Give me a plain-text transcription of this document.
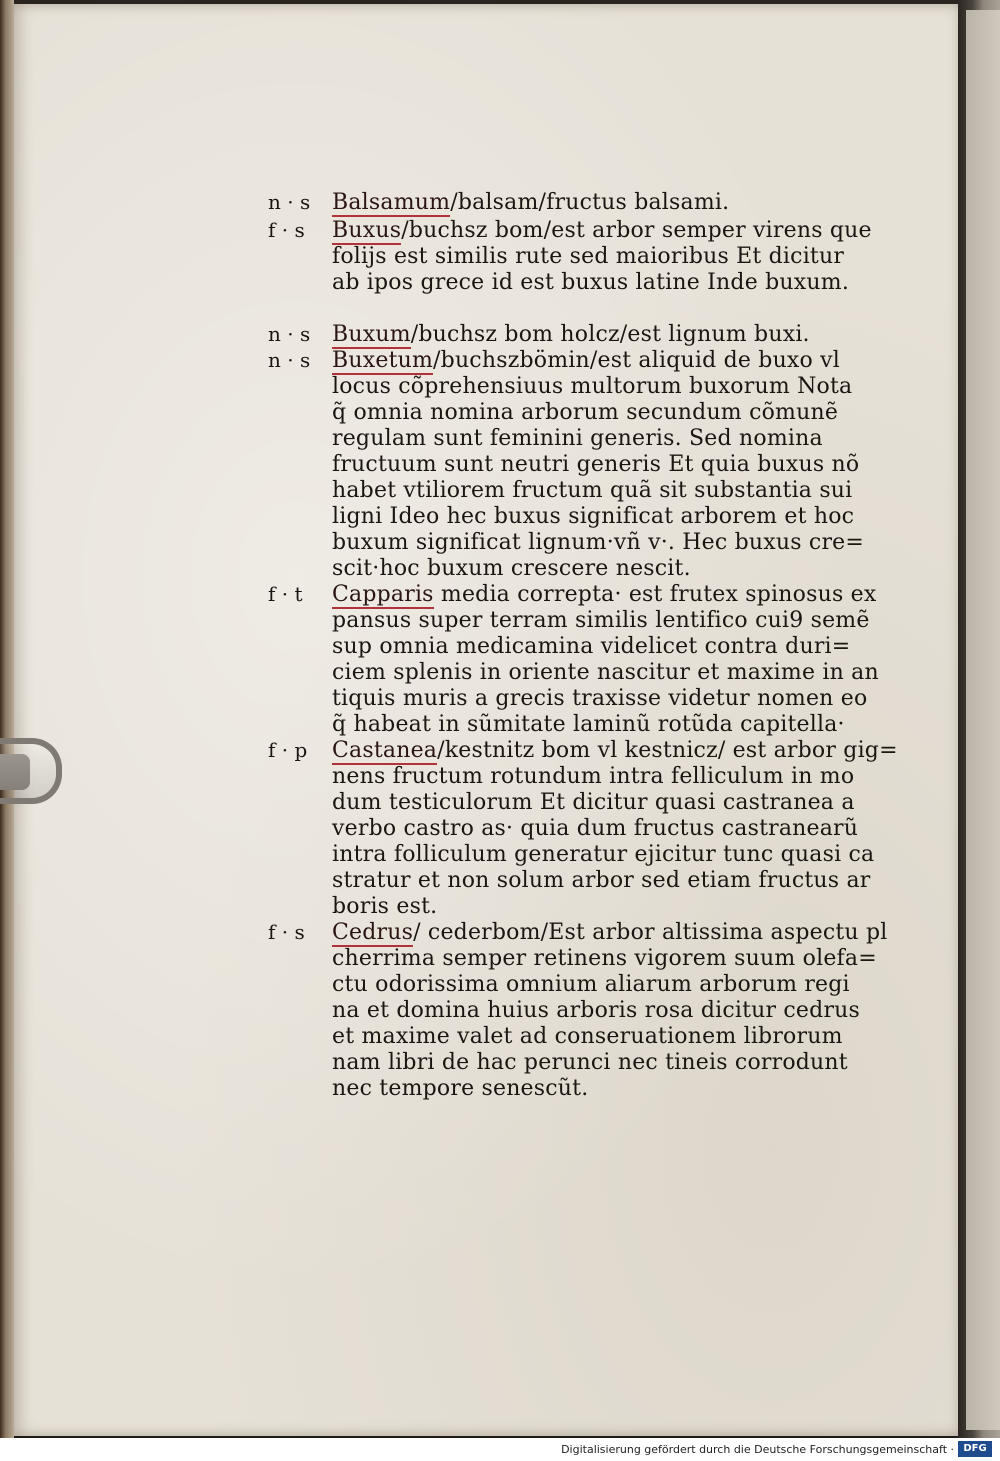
n · s Balsamum/balsam/fructus balsami.
f · s Buxus/buchsz bom/est arbor semper virens que
folijs est similis rute sed maioribus Et dicitur
ab ipos grece id est buxus latine Inde buxum.
n · s Buxum/buchsz bom holcz/est lignum buxi.
n · s Buxetum/buchszbömin/est aliquid de buxo vl
locus cõprehensiuus multorum buxorum Nota
q̃ omnia nomina arborum secundum cõmunẽ
regulam sunt feminini generis. Sed nomina
fructuum sunt neutri generis Et quia buxus nõ
habet vtiliorem fructum quã sit substantia sui
ligni Ideo hec buxus significat arborem et hoc
buxum significat lignum·vñ v·. Hec buxus cre=
scit·hoc buxum crescere nescit.
f · t Capparis media correpta· est frutex spinosus ex
pansus super terram similis lentifico cui9 semẽ
sup omnia medicamina videlicet contra duri=
ciem splenis in oriente nascitur et maxime in an
tiquis muris a grecis traxisse videtur nomen eo
q̃ habeat in sũmitate laminũ rotũda capitella·
f · p Castanea/kestnitz bom vl kestnicz/ est arbor gig=
nens fructum rotundum intra felliculum in mo
dum testiculorum Et dicitur quasi castranea a
verbo castro as· quia dum fructus castranearũ
intra folliculum generatur ejicitur tunc quasi ca
stratur et non solum arbor sed etiam fructus ar
boris est.
f · s Cedrus/ cederbom/Est arbor altissima aspectu pl
cherrima semper retinens vigorem suum olefa=
ctu odorissima omnium aliarum arborum regi
na et domina huius arboris rosa dicitur cedrus
et maxime valet ad conseruationem librorum
nam libri de hac perunci nec tineis corrodunt
nec tempore senescũt.
Digitalisierung gefördert durch die Deutsche Forschungsgemeinschaft · DFG
